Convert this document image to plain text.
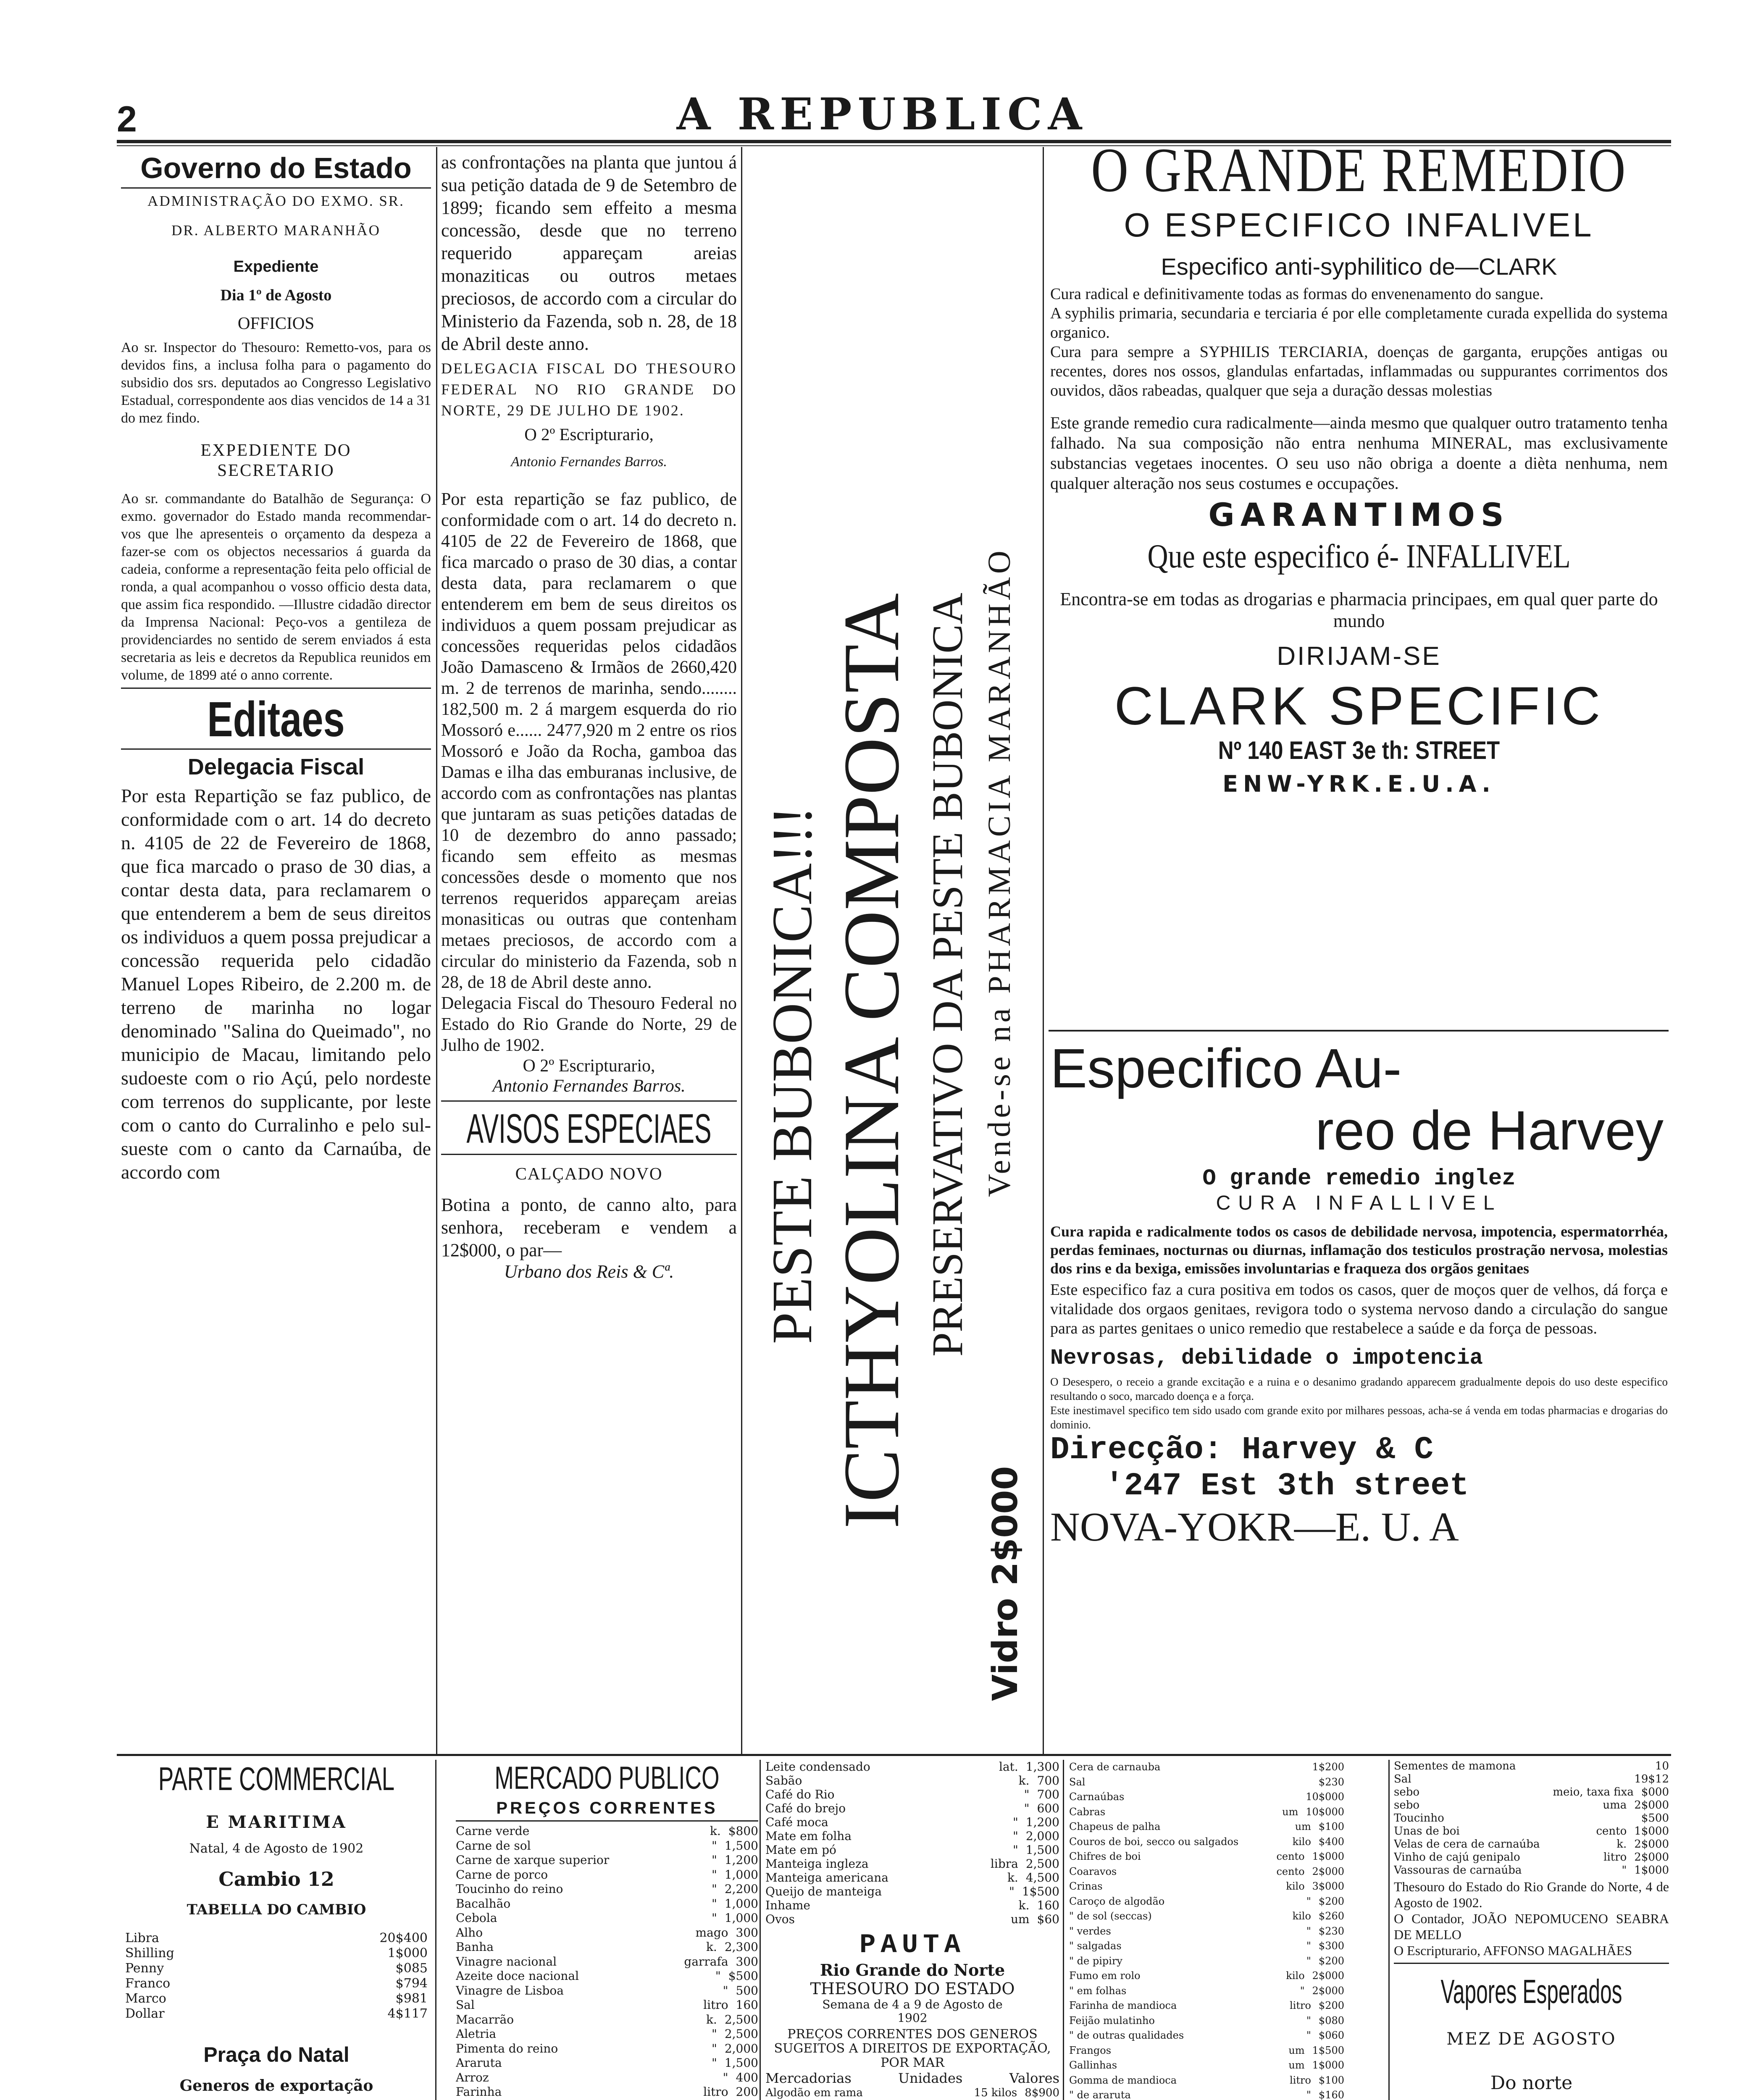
2	A REPUBLICA
Governo do Estado
ADMINISTRAÇÃO DO EXMO. SR.
DR. ALBERTO MARANHÃO
Expediente
Dia 1º de Agosto
OFFICIOS
Ao sr. Inspector do Thesouro: Remetto-vos, para os devidos fins, a inclusa folha para o pagamento do subsidio dos srs. deputados ao Congresso Legislativo Estadual, correspondente aos dias vencidos de 14 a 31 do mez findo.
EXPEDIENTE DO SECRETARIO
Ao sr. commandante do Batalhão de Segurança: O exmo. governador do Estado manda recommendar-vos que lhe apresenteis o orçamento da despeza a fazer-se com os objectos necessarios á guarda da cadeia, conforme a representação feita pelo official de ronda, a qual acompanhou o vosso officio desta data, que assim fica respondido. —Illustre cidadão director da Imprensa Nacional: Peço-vos a gentileza de providenciardes no sentido de serem enviados á esta secretaria as leis e decretos da Republica reunidos em volume, de 1899 até o anno corrente.
Editaes
Delegacia Fiscal
Por esta Repartição se faz publico, de conformidade com o art. 14 do decreto n. 4105 de 22 de Fevereiro de 1868, que fica marcado o praso de 30 dias, a contar desta data, para reclamarem o que entenderem a bem de seus direitos os individuos a quem possa prejudicar a concessão requerida pelo cidadão Manuel Lopes Ribeiro, de 2.200 m. de terreno de marinha no logar denominado "Salina do Queimado", no municipio de Macau, limitando pelo sudoeste com o rio Açú, pelo nordeste com terrenos do supplicante, por leste com o canto do Curralinho e pelo sul-sueste com o canto da Carnaúba, de accordo com
as confrontações na planta que juntou á sua petição datada de 9 de Setembro de 1899; ficando sem effeito a mesma concessão, desde que no terreno requerido appareçam areias monaziticas ou outros metaes preciosos, de accordo com a circular do Ministerio da Fazenda, sob n. 28, de 18 de Abril deste anno.
DELEGACIA FISCAL DO THESOURO FEDERAL NO RIO GRANDE DO NORTE, 29 DE JULHO DE 1902.
O 2º Escripturario,
Antonio Fernandes Barros.
Por esta repartição se faz publico, de conformidade com o art. 14 do decreto n. 4105 de 22 de Fevereiro de 1868, que fica marcado o praso de 30 dias, a contar desta data, para reclamarem o que entenderem em bem de seus direitos os individuos a quem possam prejudicar as concessões requeridas pelos cidadãos João Damasceno & Irmãos de 2660,420 m. 2 de terrenos de marinha, sendo........ 182,500 m. 2 á margem esquerda do rio Mossoró e...... 2477,920 m 2 entre os rios Mossoró e João da Rocha, gamboa das Damas e ilha das emburanas inclusive, de accordo com as confrontações nas plantas que juntaram as suas petições datadas de 10 de dezembro do anno passado; ficando sem effeito as mesmas concessões desde o momento que nos terrenos requeridos appareçam areias monasiticas ou outras que contenham metaes preciosos, de accordo com a circular do ministerio da Fazenda, sob n 28, de 18 de Abril deste anno.
Delegacia Fiscal do Thesouro Federal no Estado do Rio Grande do Norte, 29 de Julho de 1902.
O 2º Escripturario,
Antonio Fernandes Barros.
AVISOS ESPECIAES
CALÇADO NOVO
Botina a ponto, de canno alto, para senhora, receberam e vendem a 12$000, o par—
Urbano dos Reis & Cª.	PESTE BUBONICA!!! ICTHYOLINA COMPOSTA PRESERVATIVO DA PESTE BUBONICA Vende-se na PHARMACIA MARANHÃO
Vidro 2$000
O GRANDE REMEDIO
O ESPECIFICO INFALIVEL
Especifico anti-syphilitico de—CLARK
Cura radical e definitivamente todas as formas do envenenamento do sangue.
A syphilis primaria, secundaria e terciaria é por elle completamente curada expellida do systema organico.
Cura para sempre a SYPHILIS TERCIARIA, doenças de garganta, erupções antigas ou recentes, dores nos ossos, glandulas enfartadas, inflammadas ou suppurantes corrimentos dos ouvidos, dãos rabeadas, qualquer que seja a duração dessas molestias
Este grande remedio cura radicalmente—ainda mesmo que qualquer outro tratamento tenha falhado. Na sua composição não entra nenhuma MINERAL, mas exclusivamente substancias vegetaes inocentes. O seu uso não obriga a doente a dièta nenhuma, nem qualquer alteração nos seus costumes e occupações.
GARANTIMOS
Que este especifico é- INFALLIVEL
Encontra-se em todas as drogarias e pharmacia principaes, em qual quer parte do mundo
DIRIJAM-SE
CLARK SPECIFIC
Nº 140 EAST 3e th: STREET
ENW-YRK.E.U.A.
Especifico Au-
reo de Harvey
O grande remedio inglez
CURA INFALLIVEL
Cura rapida e radicalmente todos os casos de debilidade nervosa, impotencia, espermatorrhéa, perdas feminaes, nocturnas ou diurnas, inflamação dos testiculos prostração nervosa, molestias dos rins e da bexiga, emissões involuntarias e fraqueza dos orgãos genitaes
Este especifico faz a cura positiva em todos os casos, quer de moços quer de velhos, dá força e vitalidade dos orgaos genitaes, revigora todo o systema nervoso dando a circulação do sangue para as partes genitaes o unico remedio que restabelece a saúde e da força de pessoas.
Nevrosas, debilidade o impotencia
O Desespero, o receio a grande excitação e a ruina e o desanimo gradando apparecem gradualmente depois do uso deste especifico resultando o soco, marcado doença e a força.
Este inestimavel specifico tem sido usado com grande exito por milhares pessoas, acha-se á venda em todas pharmacias e drogarias do dominio.
Direcção: Harvey & C
'247 Est 3th street
NOVA-YOKR—E. U. A
PARTE COMMERCIAL
E MARITIMA
Natal, 4 de Agosto de 1902
Cambio 12
TABELLA DO CAMBIO
Libra	20$400
Shilling	1$000
Penny	$085
Franco	$794
Marco	$981
Dollar	4$117
Praça do Natal
Generos de exportação
MERCADO PUBLICO
PREÇOS CORRENTES
Carne verde	k. $800
Carne de sol	" 1,500
Carne de xarque superior	" 1,200
Carne de porco	" 1,000
Toucinho do reino	" 2,200
Bacalhão	" 1,000
Cebola	" 1,000
Alho	mago 300
Banha	k. 2,300
Vinagre nacional	garrafa 300
Azeite doce nacional	" $500
Vinagre de Lisboa	" 500
Sal	litro 160
Macarrão	k. 2,500
Aletria	" 2,500
Pimenta do reino	" 2,000
Araruta	" 1,500
Arroz	" 400
Farinha	litro 200
Leite condensado	lat. 1,300
Sabão	k. 700
Café do Rio	" 700
Café do brejo	" 600
Café moca	" 1,200
Mate em folha	" 2,000
Mate em pó	" 1,500
Manteiga ingleza	libra 2,500
Manteiga americana	k. 4,500
Queijo de manteiga	" 1$500
Inhame	k. 160
Ovos	um $60
PAUTA
Rio Grande do Norte
THESOURO DO ESTADO
Semana de 4 a 9 de Agosto de 1902
PREÇOS CORRENTES DOS GENEROS SUGEITOS A DIREITOS DE EXPORTAÇÃO, POR MAR
Mercadorias	Unidades	Valores
Algodão em rama	15 kilos 8$900
Cera de carnauba	1$200
Sal	$230
Carnaúbas	10$000
Cabras	um 10$000
Chapeus de palha	um $100
Couros de boi, secco ou salgados	kilo $400
Chifres de boi	cento 1$000
Coaravos	cento 2$000
Crinas	kilo 3$000
Caroço de algodão	" $200
" de sol (seccas)	kilo $260
" verdes	" $230
" salgadas	" $300
" de pipiry	" $200
Fumo em rolo	kilo 2$000
" em folhas	" 2$000
Farinha de mandioca	litro $200
Feijão mulatinho	" $080
" de outras qualidades	" $060
Frangos	um 1$500
Gallinhas	um 1$000
Gomma de mandioca	litro $100
" de araruta	" $160
Sementes de mamona	10
Sal	19$12
sebo	meio, taxa fixa $000
sebo	uma 2$000
Toucinho	$500
Unas de boi	cento 1$000
Velas de cera de carnaúba	k. 2$000
Vinho de cajú genipalo	litro 2$000
Vassouras de carnaúba	" 1$000
Thesouro do Estado do Rio Grande do Norte, 4 de Agosto de 1902.
O Contador, JOÃO NEPOMUCENO SEABRA DE MELLO
O Escripturario, AFFONSO MAGALHÃES
Vapores Esperados
MEZ DE AGOSTO
Do norte
